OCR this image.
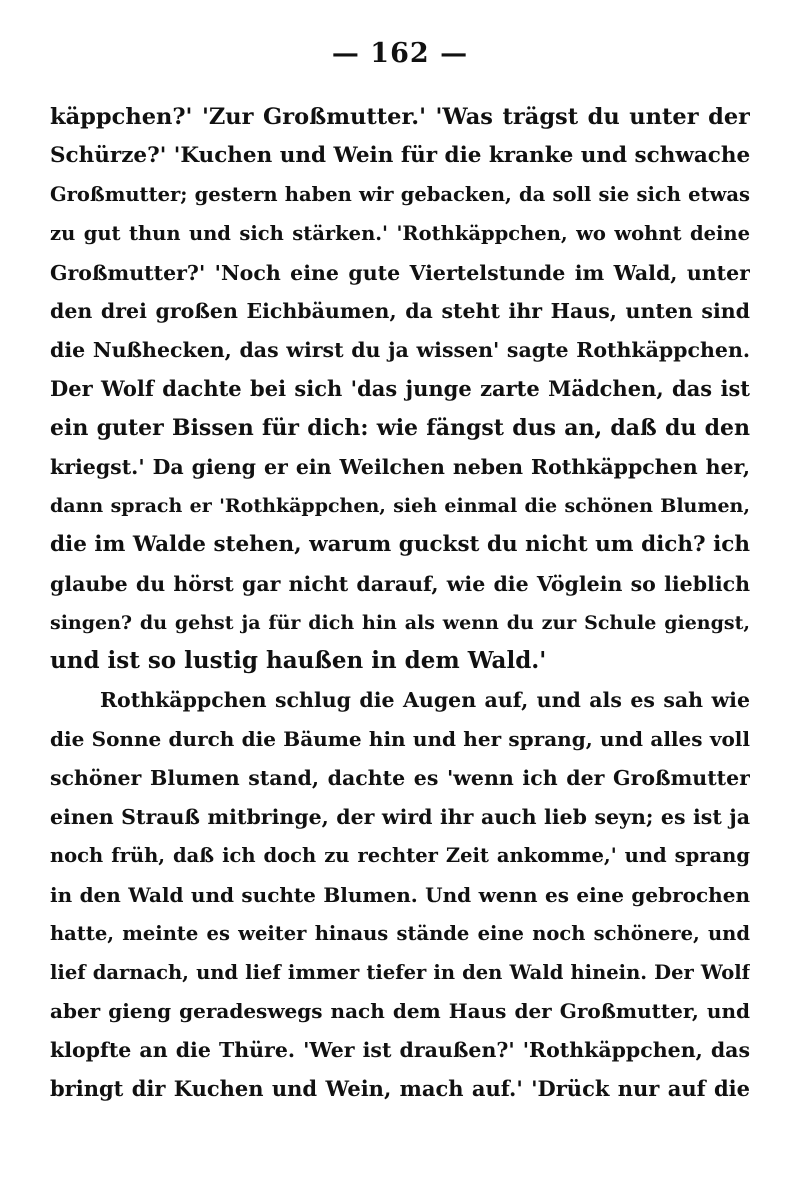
— 162 —
käppchen?' 'Zur Großmutter.' 'Was trägst du unter der
Schürze?' 'Kuchen und Wein für die kranke und schwache
Großmutter; gestern haben wir gebacken, da soll sie sich etwas
zu gut thun und sich stärken.' 'Rothkäppchen, wo wohnt deine
Großmutter?' 'Noch eine gute Viertelstunde im Wald, unter
den drei großen Eichbäumen, da steht ihr Haus, unten sind
die Nußhecken, das wirst du ja wissen' sagte Rothkäppchen.
Der Wolf dachte bei sich 'das junge zarte Mädchen, das ist
ein guter Bissen für dich: wie fängst dus an, daß du den
kriegst.' Da gieng er ein Weilchen neben Rothkäppchen her,
dann sprach er 'Rothkäppchen, sieh einmal die schönen Blumen,
die im Walde stehen, warum guckst du nicht um dich? ich
glaube du hörst gar nicht darauf, wie die Vöglein so lieblich
singen? du gehst ja für dich hin als wenn du zur Schule giengst,
und ist so lustig haußen in dem Wald.'
Rothkäppchen schlug die Augen auf, und als es sah wie
die Sonne durch die Bäume hin und her sprang, und alles voll
schöner Blumen stand, dachte es 'wenn ich der Großmutter
einen Strauß mitbringe, der wird ihr auch lieb seyn; es ist ja
noch früh, daß ich doch zu rechter Zeit ankomme,' und sprang
in den Wald und suchte Blumen. Und wenn es eine gebrochen
hatte, meinte es weiter hinaus stände eine noch schönere, und
lief darnach, und lief immer tiefer in den Wald hinein. Der Wolf
aber gieng geradeswegs nach dem Haus der Großmutter, und
klopfte an die Thüre. 'Wer ist draußen?' 'Rothkäppchen, das
bringt dir Kuchen und Wein, mach auf.' 'Drück nur auf die
